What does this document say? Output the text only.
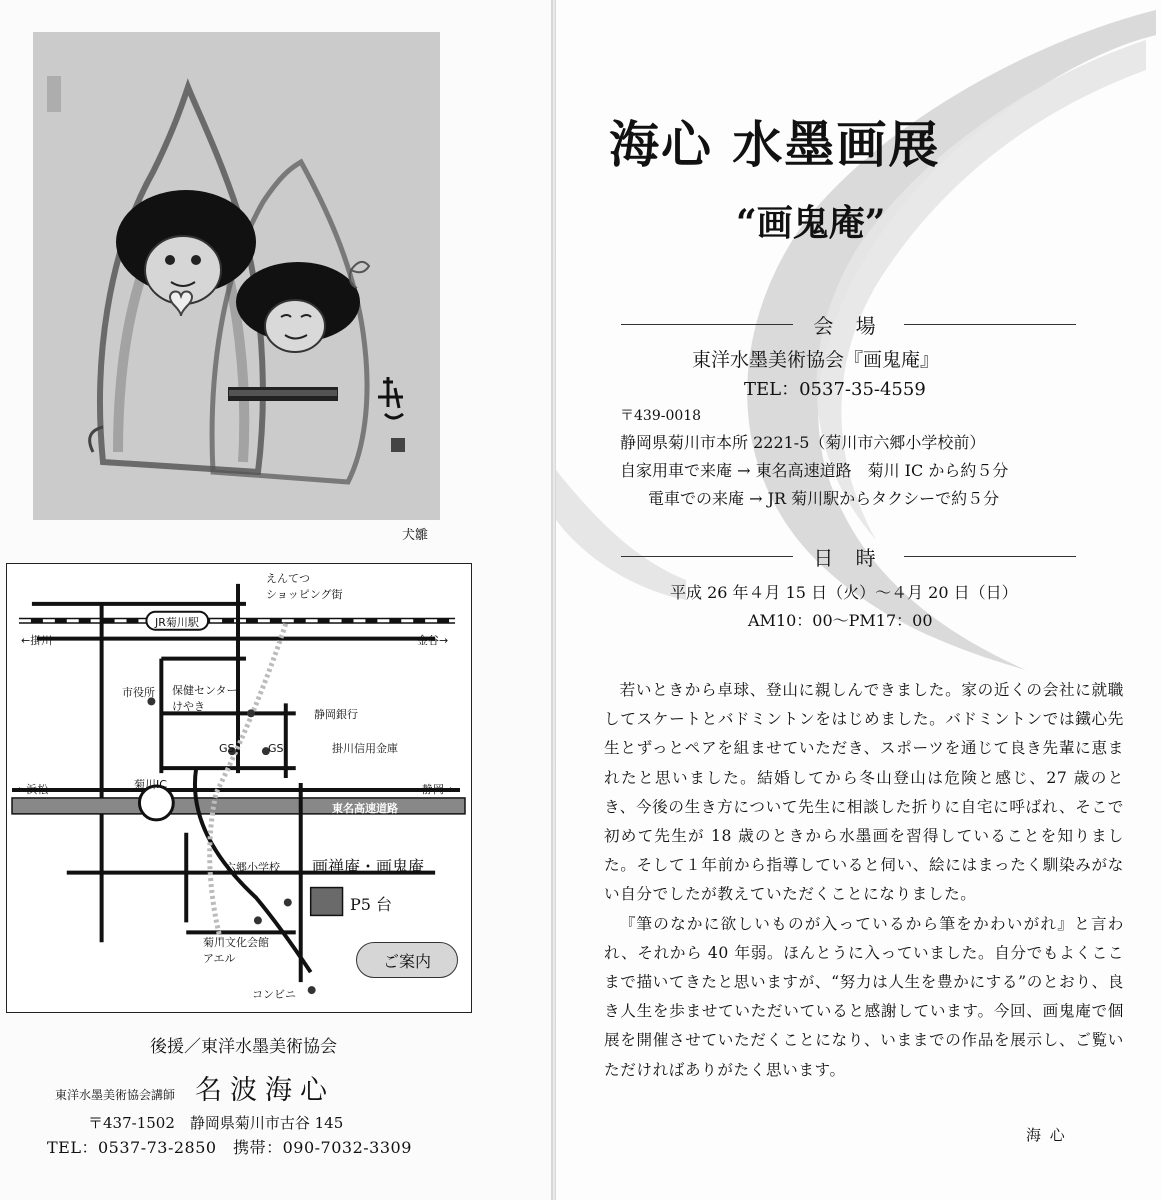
犬雛
えんてつ
ショッピング街
JR菊川駅
←掛川	金谷→
市役所 保健センター
けやき
静岡銀行
GS	GS	掛川信用金庫
←浜松	菊川IC	静岡→
東名高速道路
六郷小学校 画禅庵・画鬼庵
P5 台
菊川文化会館
アエル
コンビニ
ご案内
後援／東洋水墨美術協会
東洋水墨美術協会講師 名波海心
〒437-1502　静岡県菊川市古谷 145
TEL：0537-73-2850　携帯：090-7032-3309
海心 水墨画展
“画鬼庵”
会 場
東洋水墨美術協会『画鬼庵』
TEL：0537-35-4559
〒439-0018
静岡県菊川市本所 2221-5（菊川市六郷小学校前）
自家用車で来庵 → 東名高速道路　菊川 IC から約５分
電車での来庵 → JR 菊川駅からタクシーで約５分
日 時
平成 26 年４月 15 日（火）〜４月 20 日（日）
AM10：00〜PM17：00

若いときから卓球、登山に親しんできました。家の近くの会社に就職してスケートとバドミントンをはじめました。バドミントンでは鐵心先生とずっとペアを組ませていただき、スポーツを通じて良き先輩に恵まれたと思いました。結婚してから冬山登山は危険と感じ、27 歳のとき、今後の生き方について先生に相談した折りに自宅に呼ばれ、そこで初めて先生が 18 歳のときから水墨画を習得していることを知りました。そして１年前から指導していると伺い、絵にはまったく馴染みがない自分でしたが教えていただくことになりました。

『筆のなかに欲しいものが入っているから筆をかわいがれ』と言われ、それから 40 年弱。ほんとうに入っていました。自分でもよくここまで描いてきたと思いますが、“努力は人生を豊かにする”のとおり、良き人生を歩ませていただいていると感謝しています。今回、画鬼庵で個展を開催させていただくことになり、いままでの作品を展示し、ご覧いただければありがたく思います。

海 心
